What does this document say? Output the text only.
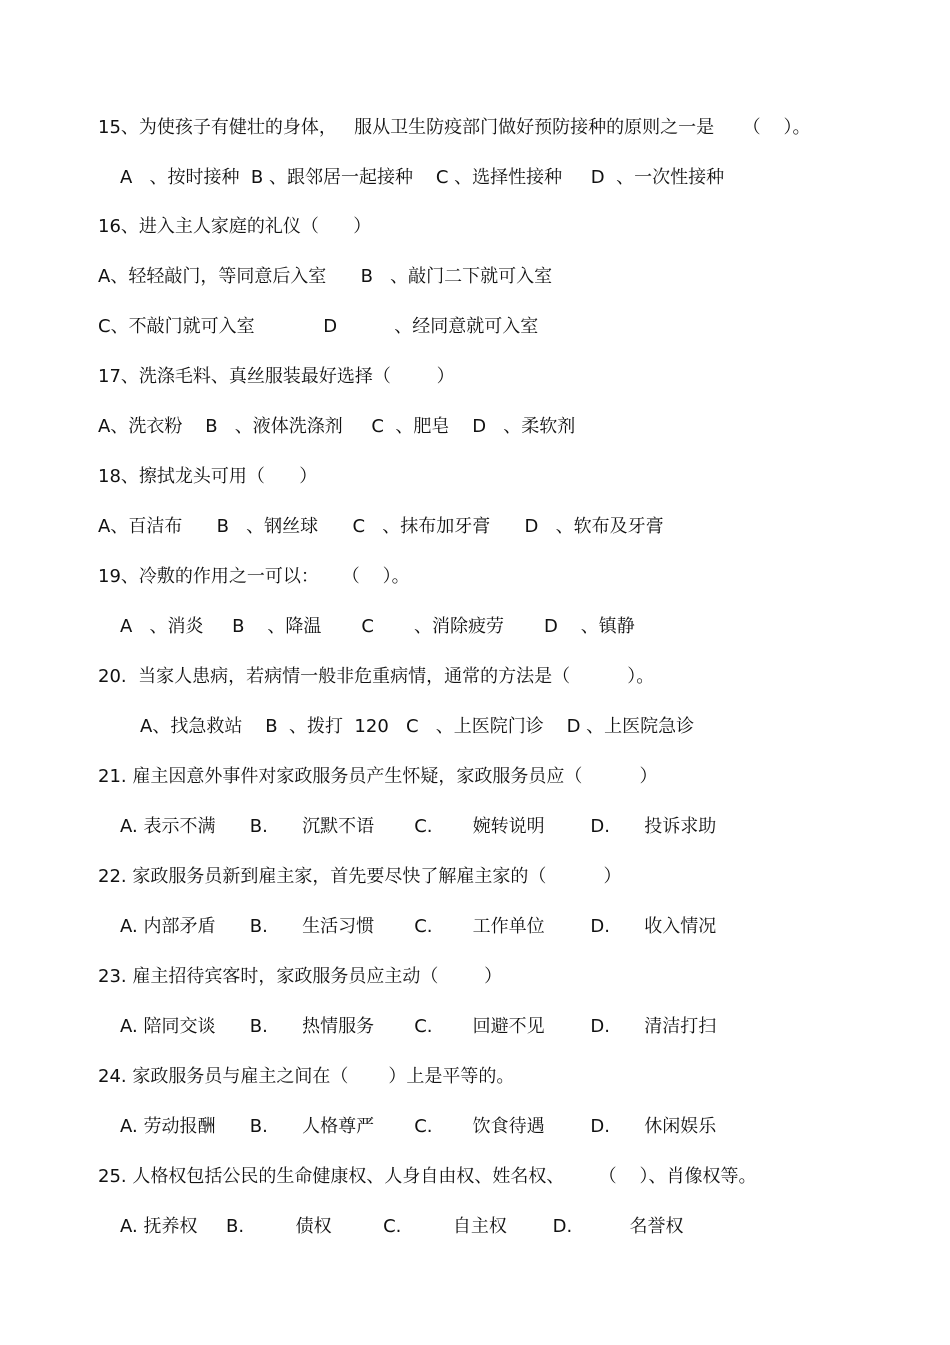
15、为使孩子有健壮的身体，   服从卫生防疫部门做好预防接种的原则之一是     （    ）。
A   、按时接种  B 、跟邻居一起接种    C 、选择性接种     D  、一次性接种
16、进入主人家庭的礼仪（      ）
A、轻轻敲门，等同意后入室      B   、敲门二下就可入室
C、不敲门就可入室            D          、经同意就可入室
17、洗涤毛料、真丝服装最好选择（        ）
A、洗衣粉    B   、液体洗涤剂     C  、肥皂    D   、柔软剂
18、擦拭龙头可用（      ）
A、百洁布      B   、钢丝球      C   、抹布加牙膏      D   、软布及牙膏
19、冷敷的作用之一可以：    （    ）。
A   、消炎     B    、降温       C       、消除疲劳       D    、镇静
20.  当家人患病，若病情一般非危重病情，通常的方法是（          ）。
A、找急救站    B  、拨打  120   C   、上医院门诊    D 、上医院急诊
21. 雇主因意外事件对家政服务员产生怀疑，家政服务员应（          ）
A. 表示不满      B.      沉默不语       C.       婉转说明        D.      投诉求助
22. 家政服务员新到雇主家，首先要尽快了解雇主家的（          ）
A. 内部矛盾      B.      生活习惯       C.       工作单位        D.      收入情况
23. 雇主招待宾客时，家政服务员应主动（        ）
A. 陪同交谈      B.      热情服务       C.       回避不见        D.      清洁打扫
24. 家政服务员与雇主之间在（       ）上是平等的。
A. 劳动报酬      B.      人格尊严       C.       饮食待遇        D.      休闲娱乐
25. 人格权包括公民的生命健康权、人身自由权、姓名权、      （    ）、肖像权等。
A. 抚养权     B.         债权         C.         自主权        D.          名誉权
